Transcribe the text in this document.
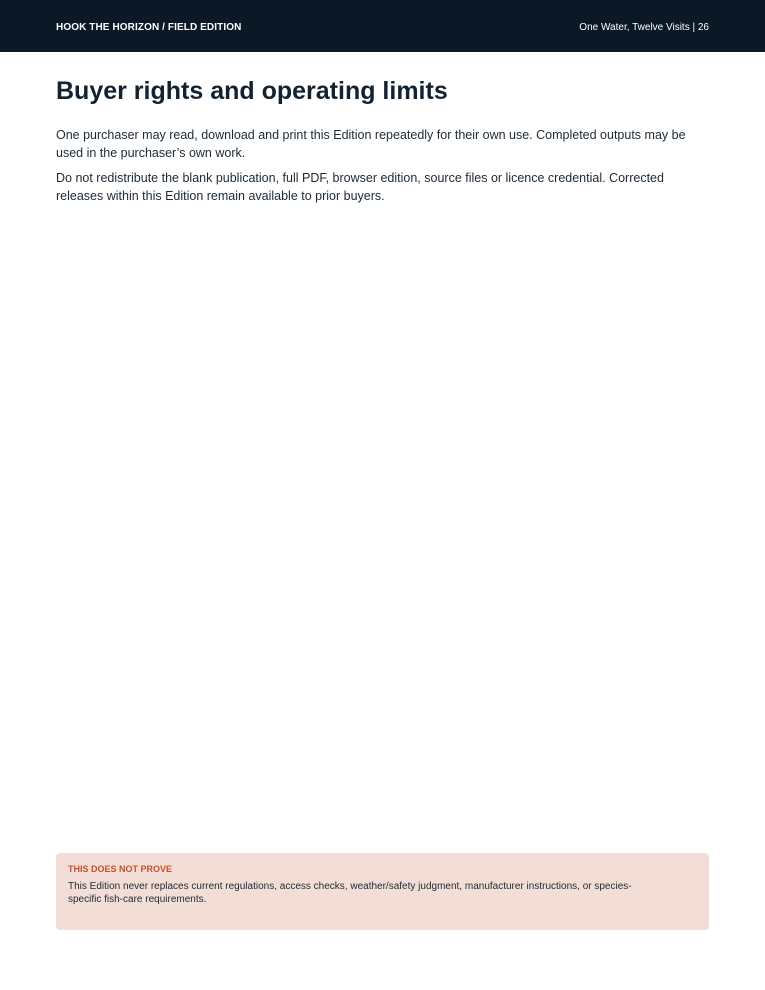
HOOK THE HORIZON / FIELD EDITION	One Water, Twelve Visits | 26
Buyer rights and operating limits

One purchaser may read, download and print this Edition repeatedly for their own use. Completed outputs may be used in the purchaser’s own work.

Do not redistribute the blank publication, full PDF, browser edition, source files or licence credential. Corrected releases within this Edition remain available to prior buyers.

THIS DOES NOT PROVE

This Edition never replaces current regulations, access checks, weather/safety judgment, manufacturer instructions, or species-specific fish-care requirements.
